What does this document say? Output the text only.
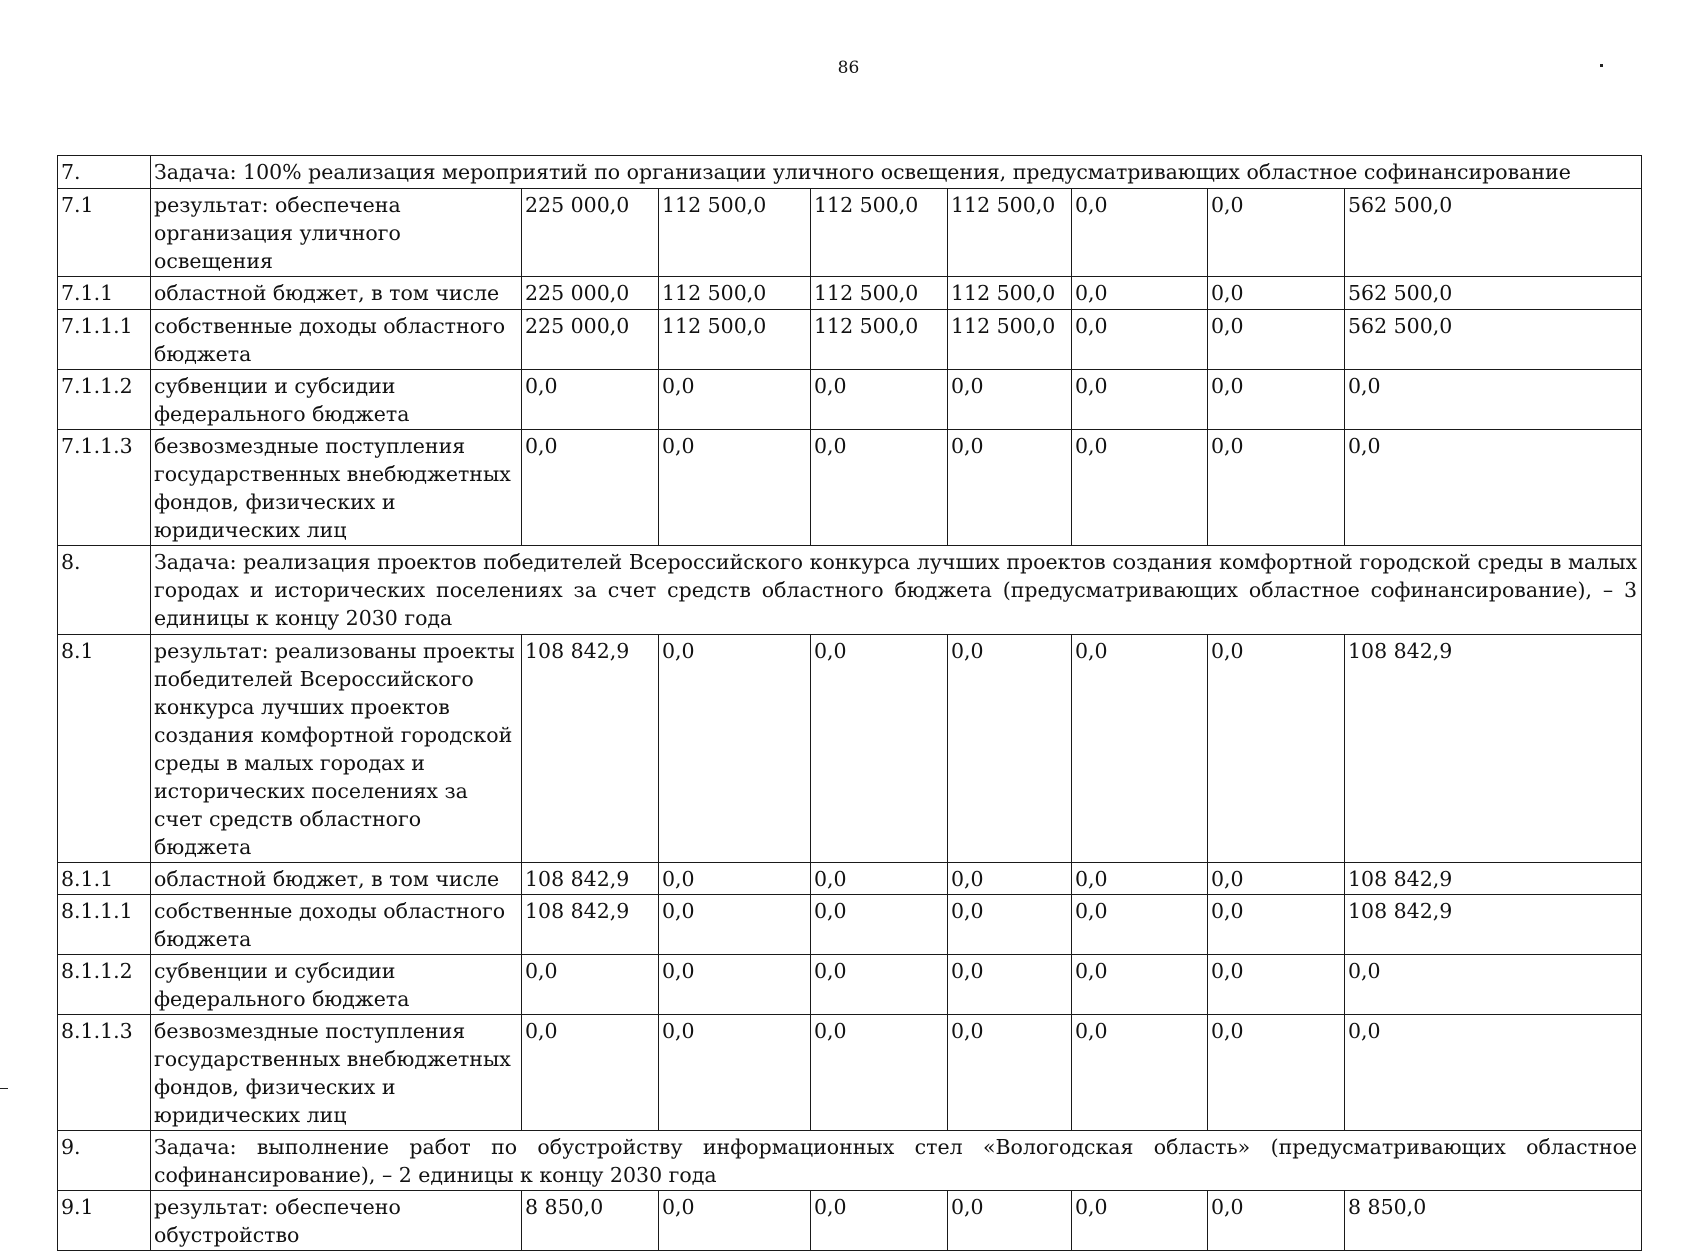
86
7.	Задача: 100% реализация мероприятий по организации уличного освещения, предусматривающих областное софинансирование							
7.1	результат: обеспечена организация уличного освещения	225 000,0	112 500,0	112 500,0	112 500,0	0,0	0,0	562 500,0
7.1.1	областной бюджет, в том числе	225 000,0	112 500,0	112 500,0	112 500,0	0,0	0,0	562 500,0
7.1.1.1	собственные доходы областного бюджета	225 000,0	112 500,0	112 500,0	112 500,0	0,0	0,0	562 500,0
7.1.1.2	субвенции и субсидии федерального бюджета	0,0	0,0	0,0	0,0	0,0	0,0	0,0
7.1.1.3	безвозмездные поступления государственных внебюджетных фондов, физических и юридических лиц	0,0	0,0	0,0	0,0	0,0	0,0	0,0
8.	Задача: реализация проектов победителей Всероссийского конкурса лучших проектов создания комфортной городской среды в малых городах и исторических поселениях за счет средств областного бюджета (предусматривающих областное софинансирование), – 3 единицы к концу 2030 года							
8.1	результат: реализованы проекты победителей Всероссийского конкурса лучших проектов создания комфортной городской среды в малых городах и исторических поселениях за счет средств областного бюджета	108 842,9	0,0	0,0	0,0	0,0	0,0	108 842,9
8.1.1	областной бюджет, в том числе	108 842,9	0,0	0,0	0,0	0,0	0,0	108 842,9
8.1.1.1	собственные доходы областного бюджета	108 842,9	0,0	0,0	0,0	0,0	0,0	108 842,9
8.1.1.2	субвенции и субсидии федерального бюджета	0,0	0,0	0,0	0,0	0,0	0,0	0,0
8.1.1.3	безвозмездные поступления государственных внебюджетных фондов, физических и юридических лиц	0,0	0,0	0,0	0,0	0,0	0,0	0,0
9.	Задача: выполнение работ по обустройству информационных стел «Вологодская область» (предусматривающих областное софинансирование), – 2 единицы к концу 2030 года							
9.1	результат: обеспечено обустройство	8 850,0	0,0	0,0	0,0	0,0	0,0	8 850,0
